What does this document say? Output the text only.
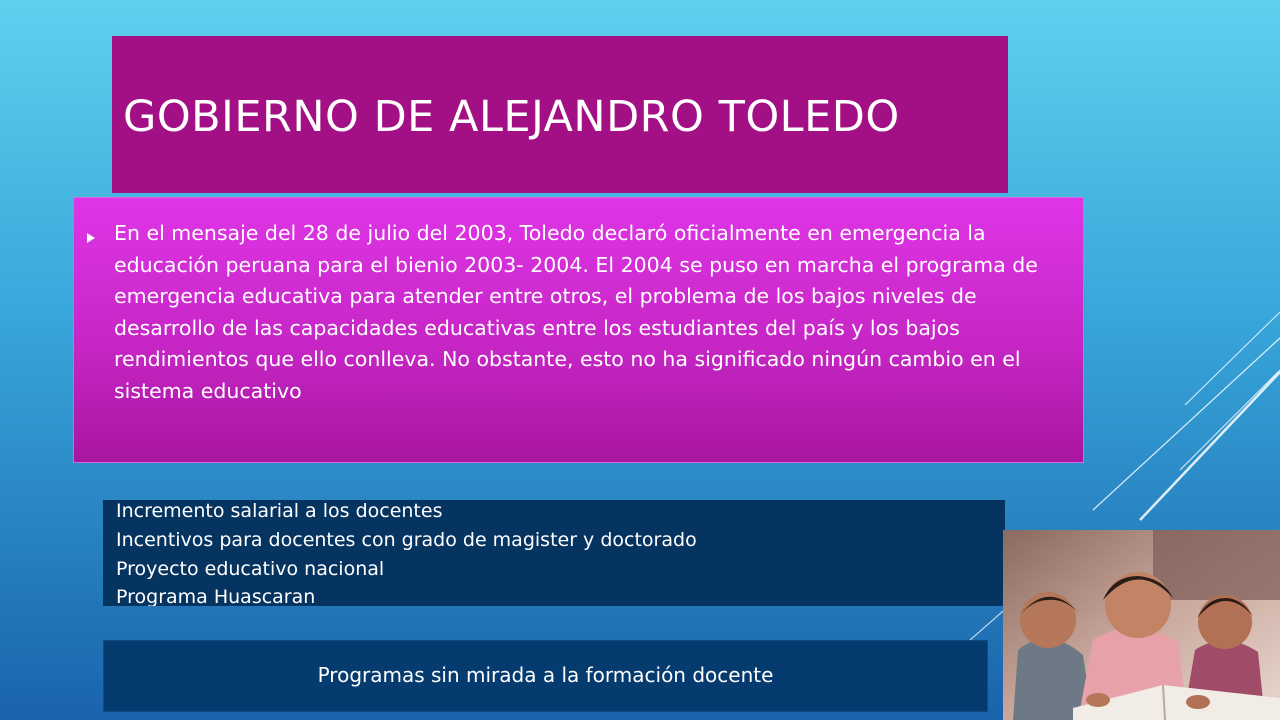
GOBIERNO DE ALEJANDRO TOLEDO
En el mensaje del 28 de julio del 2003, Toledo declaró oficialmente en emergencia la educación peruana para el bienio 2003- 2004. El 2004 se puso en marcha el programa de emergencia educativa para atender entre otros, el problema de los bajos niveles de desarrollo de las capacidades educativas entre los estudiantes del país y los bajos rendimientos que ello conlleva. No obstante, esto no ha significado ningún cambio en el sistema educativo
Incremento salarial a los docentes
Incentivos para docentes con grado de magister y doctorado
Proyecto educativo nacional
Programa Huascaran
Programas sin mirada a la formación docente
